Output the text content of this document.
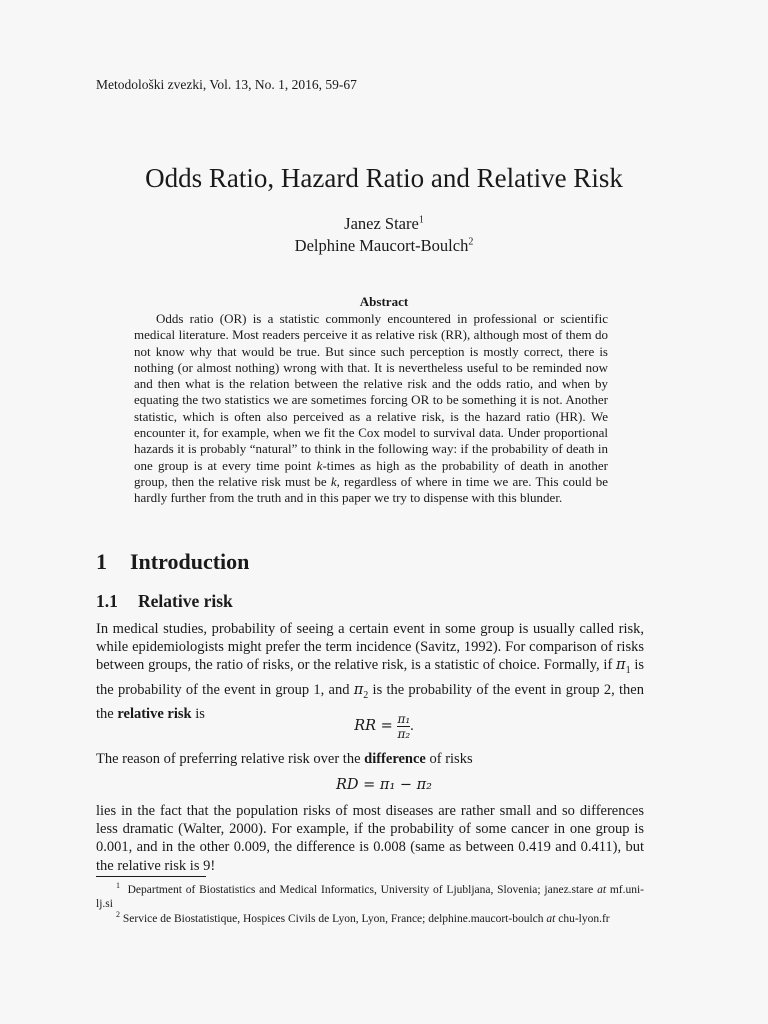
Metodološki zvezki, Vol. 13, No. 1, 2016, 59-67
Odds Ratio, Hazard Ratio and Relative Risk
Janez Stare$^1$
Delphine Maucort-Boulch$^2$
Abstract

Odds ratio (OR) is a statistic commonly encountered in professional or scientific medical literature. Most readers perceive it as relative risk (RR), although most of them do not know why that would be true. But since such perception is mostly correct, there is nothing (or almost nothing) wrong with that. It is nevertheless useful to be reminded now and then what is the relation between the relative risk and the odds ratio, and when by equating the two statistics we are sometimes forcing OR to be something it is not. Another statistic, which is often also perceived as a relative risk, is the hazard ratio (HR). We encounter it, for example, when we fit the Cox model to survival data. Under proportional hazards it is probably “natural” to think in the following way: if the probability of death in one group is at every time point k-times as high as the probability of death in another group, then the relative risk must be k, regardless of where in time we are. This could be hardly further from the truth and in this paper we try to dispense with this blunder.

1 Introduction
1.1 Relative risk

In medical studies, probability of seeing a certain event in some group is usually called risk, while epidemiologists might prefer the term incidence (Savitz, 1992). For comparison of risks between groups, the ratio of risks, or the relative risk, is a statistic of choice. Formally, if $\pi_1$ is the probability of the event in group 1, and $\pi_2$ is the probability of the event in group 2, then the relative risk is

RR = $\frac{\text{π₁}}{\text{π₂}}$ .

The reason of preferring relative risk over the difference of risks

RD = π₁ − π₂

lies in the fact that the population risks of most diseases are rather small and so differences less dramatic (Walter, 2000). For example, if the probability of some cancer in one group is 0.001, and in the other 0.009, the difference is 0.008 (same as between 0.419 and 0.411), but the relative risk is 9!

$^1$ Department of Biostatistics and Medical Informatics, University of Ljubljana, Slovenia; janez.stare at mf.uni-lj.si

$^2$ Service de Biostatistique, Hospices Civils de Lyon, Lyon, France; delphine.maucort-boulch at chu-lyon.fr
